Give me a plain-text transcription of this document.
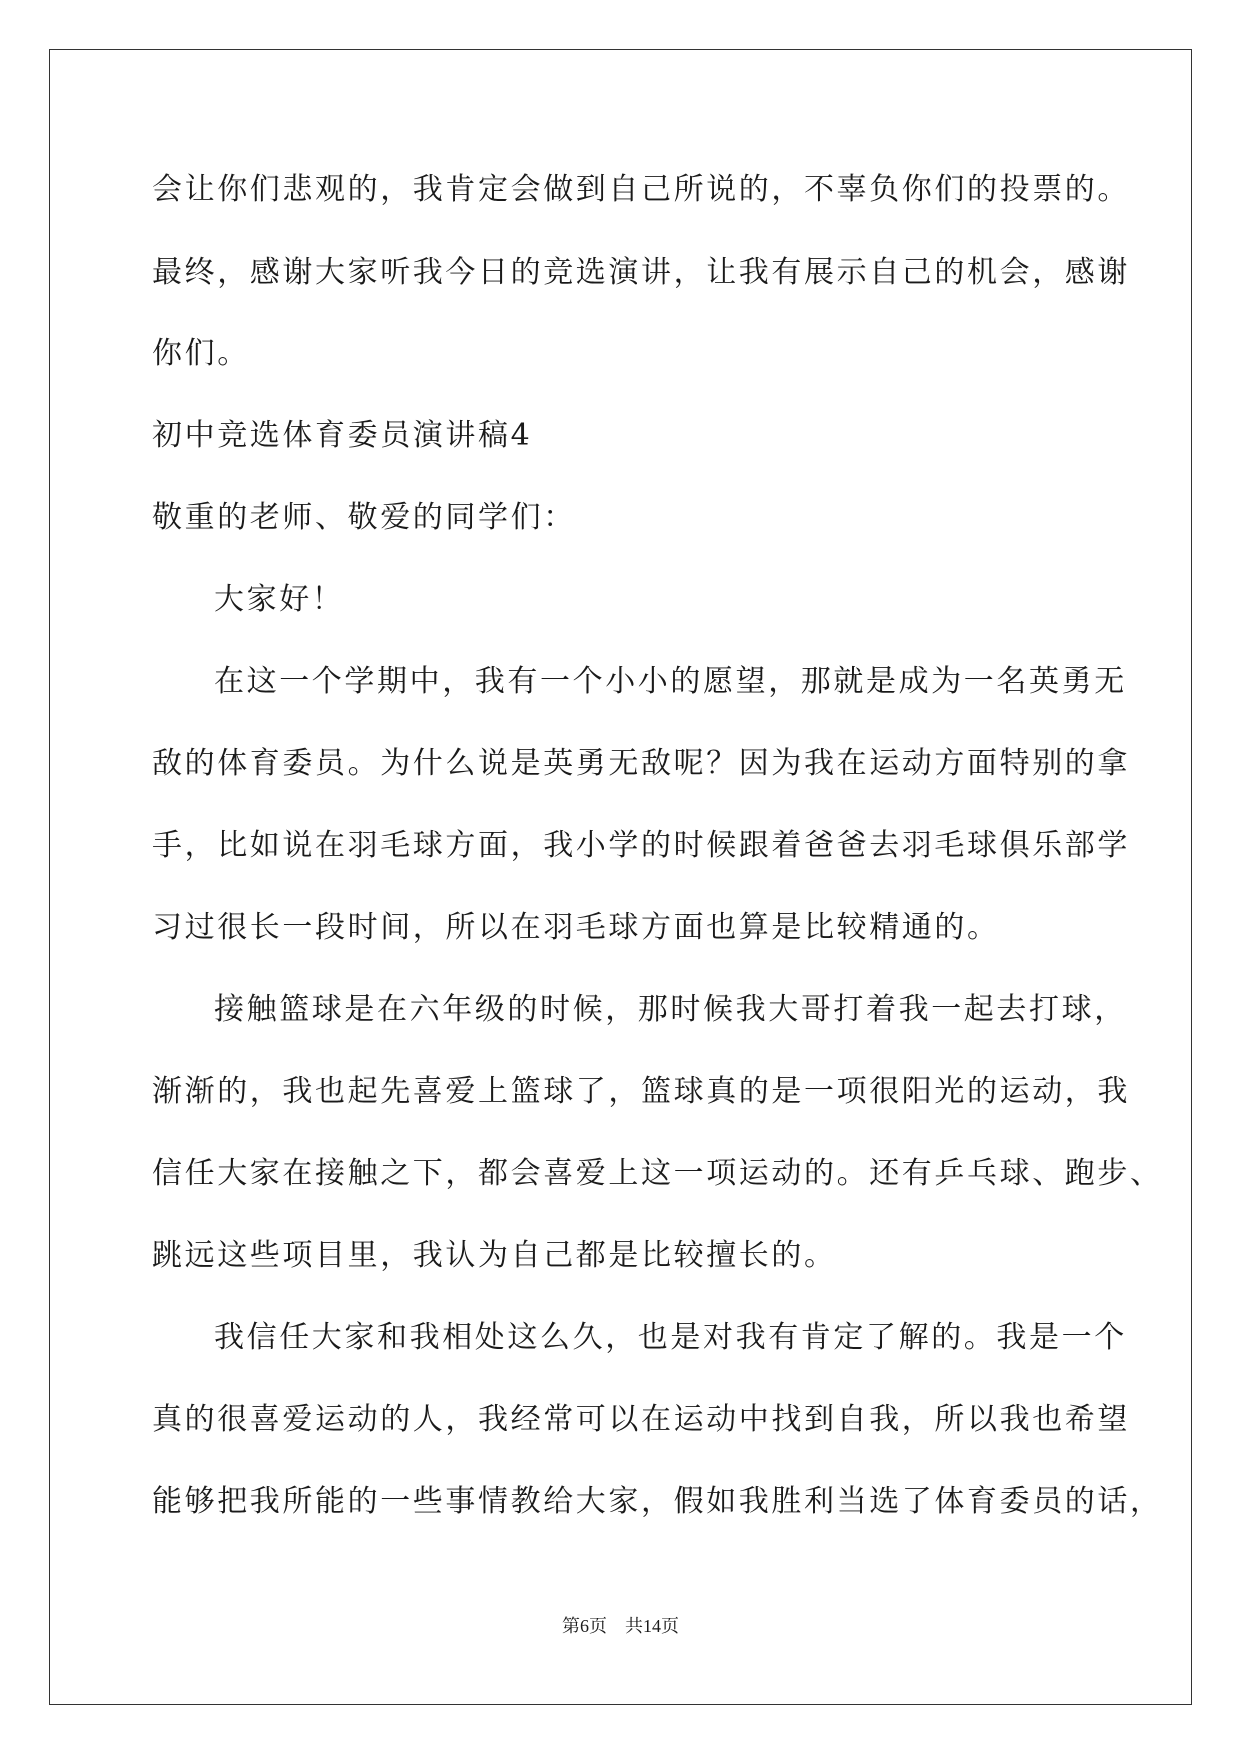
会让你们悲观的，我肯定会做到自己所说的，不辜负你们的投票的。
最终，感谢大家听我今日的竞选演讲，让我有展示自己的机会，感谢
你们。
初中竞选体育委员演讲稿4
敬重的老师、敬爱的同学们：
大家好！
在这一个学期中，我有一个小小的愿望，那就是成为一名英勇无
敌的体育委员。为什么说是英勇无敌呢？因为我在运动方面特别的拿
手，比如说在羽毛球方面，我小学的时候跟着爸爸去羽毛球俱乐部学
习过很长一段时间，所以在羽毛球方面也算是比较精通的。
接触篮球是在六年级的时候，那时候我大哥打着我一起去打球，
渐渐的，我也起先喜爱上篮球了，篮球真的是一项很阳光的运动，我
信任大家在接触之下，都会喜爱上这一项运动的。还有乒乓球、跑步、
跳远这些项目里，我认为自己都是比较擅长的。
我信任大家和我相处这么久，也是对我有肯定了解的。我是一个
真的很喜爱运动的人，我经常可以在运动中找到自我，所以我也希望
能够把我所能的一些事情教给大家，假如我胜利当选了体育委员的话，
第6页 共14页
